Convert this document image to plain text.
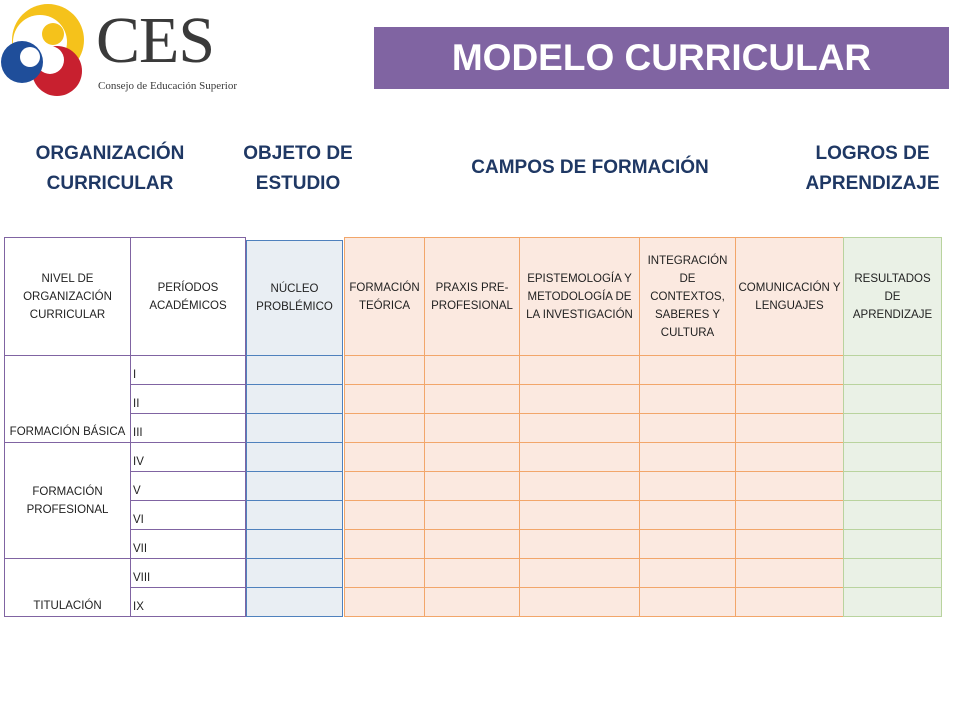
CES
Consejo de Educación Superior
MODELO CURRICULAR
ORGANIZACIÓN CURRICULAR
OBJETO DE ESTUDIO
CAMPOS DE FORMACIÓN
LOGROS DE APRENDIZAJE
NIVEL DE ORGANIZACIÓN CURRICULAR
PERÍODOS ACADÉMICOS
NÚCLEO PROBLÉMICO
FORMACIÓN TEÓRICA
PRAXIS PRE-PROFESIONAL
EPISTEMOLOGÍA Y METODOLOGÍA DE LA INVESTIGACIÓN
INTEGRACIÓN DE CONTEXTOS, SABERES Y CULTURA
COMUNICACIÓN Y LENGUAJES
RESULTADOS DE APRENDIZAJE
FORMACIÓN BÁSICA
FORMACIÓN PROFESIONAL
TITULACIÓN
I
II
III
IV
V
VI
VII
VIII
IX
